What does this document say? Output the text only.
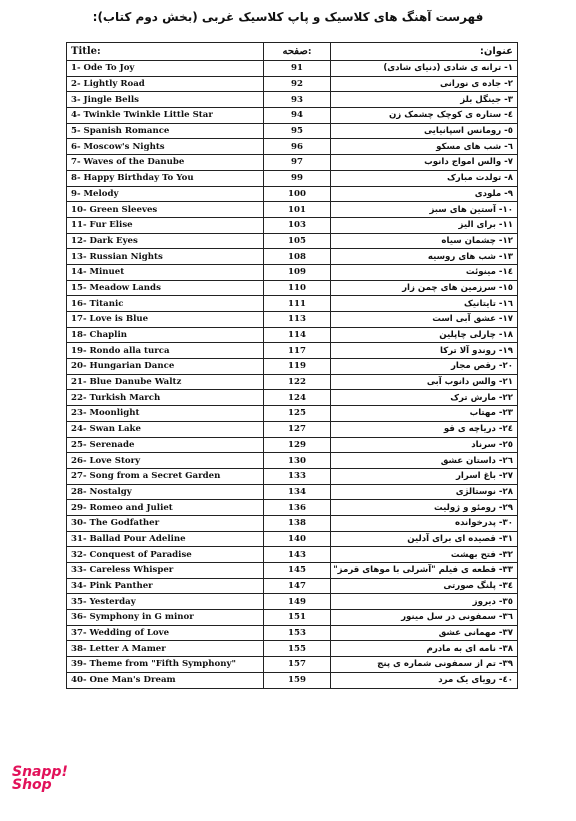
فهرست آهنگ های کلاسیک و پاپ کلاسیک غربی (بخش دوم کتاب):
Title:	صفحه:	عنوان:
1- Ode To Joy	91	۱- ترانه ی شادی (دنیای شادی)
2- Lightly Road	92	۲- جاده ی نورانی
3- Jingle Bells	93	۳- جینگل بلز
4- Twinkle Twinkle Little Star	94	٤- ستاره ی کوچک چشمک زن
5- Spanish Romance	95	٥- رومانس اسپانیایی
6- Moscow's Nights	96	٦- شب های مسکو
7- Waves of the Danube	97	۷- والس امواج دانوب
8- Happy Birthday To You	99	۸- تولدت مبارک
9- Melody	100	۹- ملودی
10- Green Sleeves	101	۱۰- آستین های سبز
11- Fur Elise	103	۱۱- برای الیز
12- Dark Eyes	105	۱۲- چشمان سیاه
13- Russian Nights	108	۱۳- شب های روسیه
14- Minuet	109	۱٤- مینوئت
15- Meadow Lands	110	۱٥- سرزمین های چمن زار
16- Titanic	111	۱٦- تایتانیک
17- Love is Blue	113	۱۷- عشق آبی است
18- Chaplin	114	۱۸- چارلی چاپلین
19- Rondo alla turca	117	۱۹- روندو آلا ترکا
20- Hungarian Dance	119	۲۰- رقص مجار
21- Blue Danube Waltz	122	۲۱- والس دانوب آبی
22- Turkish March	124	۲۲- مارش ترک
23- Moonlight	125	۲۳- مهتاب
24- Swan Lake	127	۲٤- دریاچه ی قو
25- Serenade	129	۲٥- سرناد
26- Love Story	130	۲٦- داستان عشق
27- Song from a Secret Garden	133	۲۷- باغ اسرار
28- Nostalgy	134	۲۸- نوستالژی
29- Romeo and Juliet	136	۲۹- رومئو و ژولیت
30- The Godfather	138	۳۰- پدرخوانده
31- Ballad Pour Adeline	140	۳۱- قصیده ای برای آدلین
32- Conquest of Paradise	143	۳۲- فتح بهشت
33- Careless Whisper	145	۳۳- قطعه ی فیلم "آشرلی با موهای قرمز"
34- Pink Panther	147	۳٤- پلنگ صورتی
35- Yesterday	149	۳٥- دیروز
36- Symphony in G minor	151	۳٦- سمفونی در سل مینور
37- Wedding of Love	153	۳۷- مهمانی عشق
38- Letter A Mamer	155	۳۸- نامه ای به مادرم
39- Theme from "Fifth Symphony"	157	۳۹- تم از سمفونی شماره ی پنج
40- One Man's Dream	159	٤۰- رویای یک مرد
Snapp!
Shop
